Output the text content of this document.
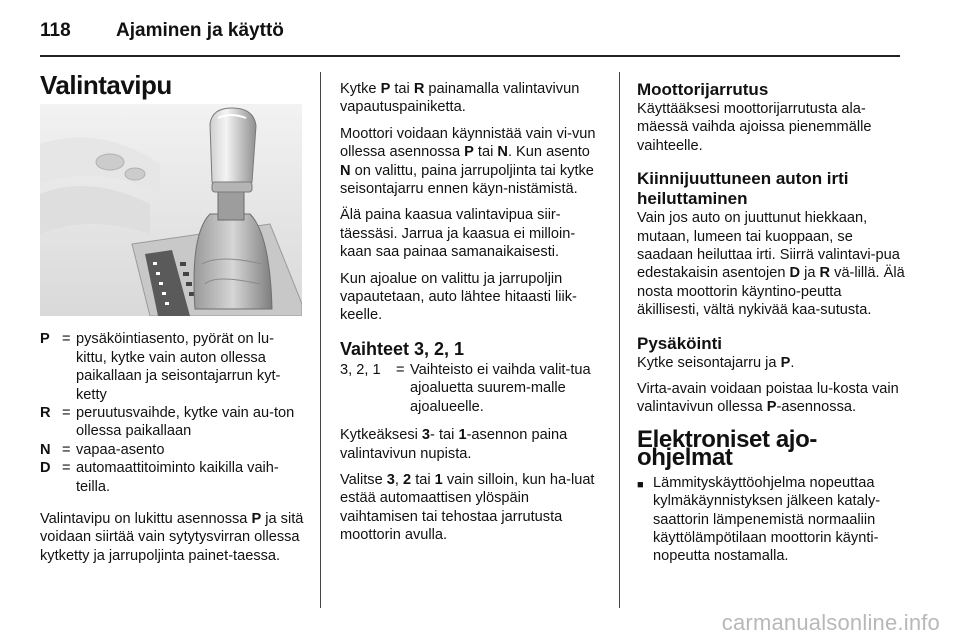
118 Ajaminen ja käyttö
Valintavipu
P = pysäköintiasento, pyörät on lu-kittu, kytke vain auton ollessa paikallaan ja seisontajarrun kyt-ketty
R = peruutusvaihde, kytke vain au-ton ollessa paikallaan
N = vapaa-asento
D = automaattitoiminto kaikilla vaih-teilla.

Valintavipu on lukittu asennossa P ja sitä voidaan siirtää vain sytytysvirran ollessa kytketty ja jarrupoljinta painet-taessa.

Kytke P tai R painamalla valintavivun vapautuspainiketta.

Moottori voidaan käynnistää vain vi-vun ollessa asennossa P tai N. Kun asento N on valittu, paina jarrupoljinta tai kytke seisontajarru ennen käyn-nistämistä.

Älä paina kaasua valintavipua siir-täessäsi. Jarrua ja kaasua ei milloin-kaan saa painaa samanaikaisesti.

Kun ajoalue on valittu ja jarrupoljin vapautetaan, auto lähtee hitaasti liik-keelle.

Vaihteet 3, 2, 1
3, 2, 1	= Vaihteisto ei vaihda valit-tua ajoaluetta suurem-malle ajoalueelle.

Kytkeäksesi 3- tai 1-asennon paina valintavivun nupista.

Valitse 3, 2 tai 1 vain silloin, kun ha-luat estää automaattisen ylöspäin vaihtamisen tai tehostaa jarrutusta moottorin avulla.

Moottorijarrutus

Käyttääksesi moottorijarrutusta ala-mäessä vaihda ajoissa pienemmälle vaihteelle.

Kiinnijuuttuneen auton irti heiluttaminen

Vain jos auto on juuttunut hiekkaan, mutaan, lumeen tai kuoppaan, se saadaan heiluttaa irti. Siirrä valintavi-pua edestakaisin asentojen D ja R vä-lillä. Älä nosta moottorin käyntino-peutta äkillisesti, vältä nykivää kaa-sutusta.

Pysäköinti

Kytke seisontajarru ja P.

Virta-avain voidaan poistaa lu-kosta vain valintavivun ollessa P-asennossa.

Elektroniset ajo-ohjelmat
■ Lämmityskäyttöohjelma nopeuttaa kylmäkäynnistyksen jälkeen kataly-saattorin lämpenemistä normaaliin käyttölämpötilaan moottorin käynti-nopeutta nostamalla.
carmanualsonline.info
